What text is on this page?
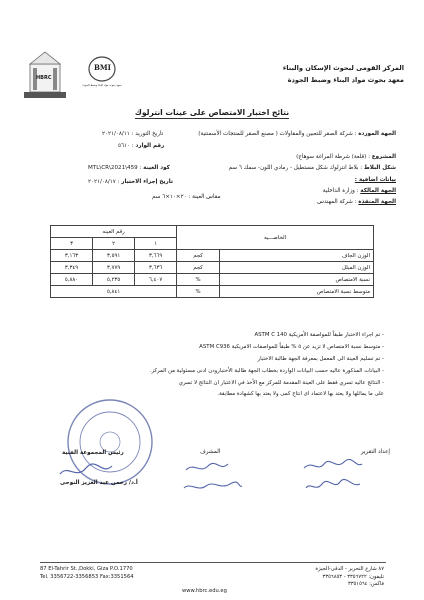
المركز القومى لبحوث الإسكان والبناء
معهد بحوث مواد البناء وضبط الجودة
HBRC
BMI
معهد بحوث مواد البناء وضبط الجودة
نتائج اختبار الامتصاص على عينات انترلوك
الجهة الموردة : شركة الصقر للتعبين والمقاولات ( مصنع الصقر للمنتجات الأسمنتية)
تاريخ التوريد : ٢٠٢١/٠٨/١١
رقم الوارد : ٥٦١٠
المشروع : (قلعة) شرطة المراغة سوهاج)
شكل البلاط : بلاط انترلوك شكل مستطيل - رمادي اللون- سمك ٦ سم
كود العينة : MTL\CR\2021\459
بيانات اضافية :
تاريخ إجراء الاختبار : ٢٠٢١/٠٨/١٧
الجهة المالكة : وزارة الداخلية
مقاس العينة : ٢٠×١٠×٦ سم
الجهة المنفذة : شركة المهندس
الخاصـــيه		رقم العينه		
		١	٢	٣
الوزن الجاف	كجم	٣,٦٦٩	٣,٥٩١	٣,١٦٣
الوزن المبلل	كجم	٣,٦٣٦	٣,٧٧٩	٣,٣٤٩
نسبة الامتصاص	%	٦,٤٠٧	٥,٢٣٥	٥,٨٨٠
متوسط نسبة الامتصاص	%	٥,٨٤١		
- تم اجراء الاختبار طبقاً للمواصفة الأمريكية ASTM C 140
- متوسط نسبة الامتصاص لا تزيد عن ٥ % طبقاً للمواصفات الامريكية ASTM C936
- تم تسليم العينة الى المعمل بمعرفة الجهة طالبة الاختبار
- البيانات المذكورة عاليه حسب البيانات الواردة بخطاب الجهة طالبة الأختبارودن ادنى مسئولية من المركز.
- النتائج عاليه تسري فقط على العينة المقدمة للمركز مع الأخذ في الاعتبار ان النتائج لا تسري
على ما يماثلها ولا يعتد بها لاعتماد اى انتاج كمى ولا يعتد بها كشهادة مطابقة.
إعداد التقرير
المشرف
رئيس المجموعة الفنية
أ.د/ رحمن عبد العزيز النوحى
87 El-Tahrir St.,Dokki, Giza P.O.1770
Tel. 3356722-3356853 Fax:3351564
٨٧ شارع التحرير - الدقى-الجيزة
تليفون: ٣٣٥٦٧٢٢ - ٣٣٥٦٨٥٣
فاكس: ٣٣٥١٥٦٤
www.hbrc.edu.eg
